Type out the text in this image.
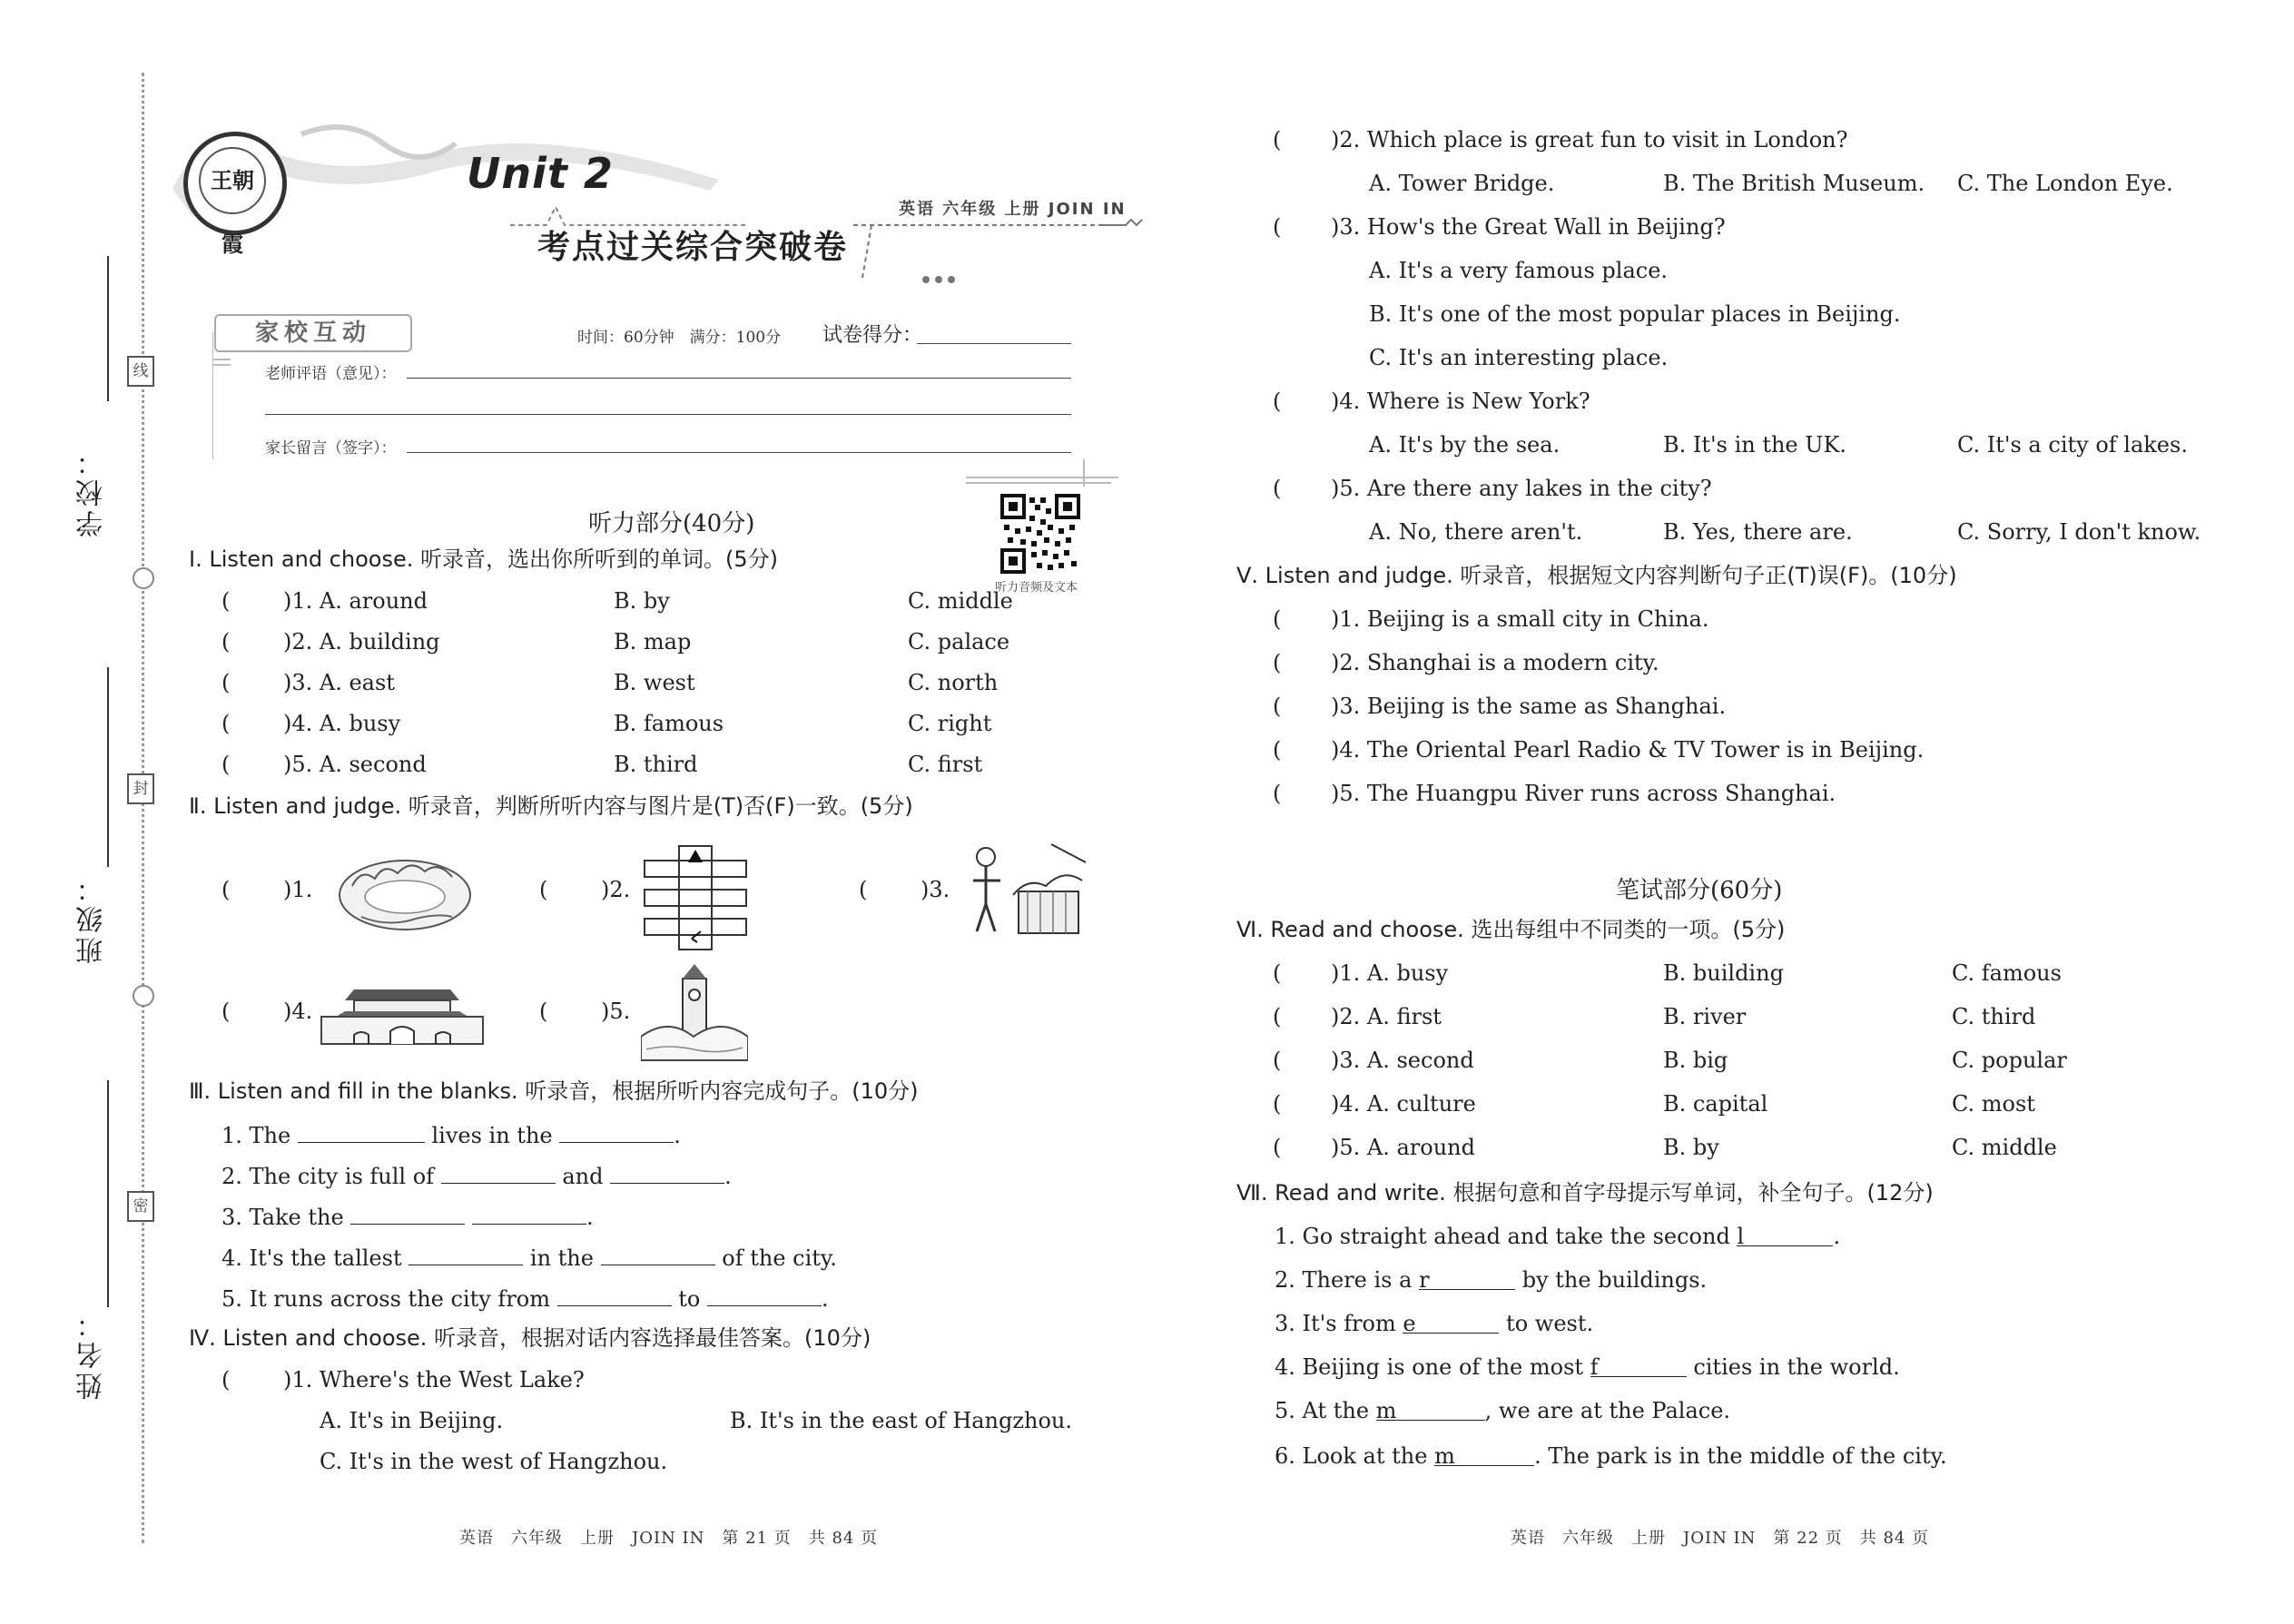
学校：
线
班级：
封
姓名：
密
王朝霞
Unit 2
考点过关综合突破卷
英语 六年级 上册 JOIN IN
家校互动	时间：60分钟　满分：100分 试卷得分：
老师评语（意见）：
家长留言（签字）：
听力音频及文本
听力部分(40分)
Ⅰ. Listen and choose. 听录音，选出你所听到的单词。(5分)
( )1. A. around	B. by	C. middle
( )2. A. building	B. map	C. palace
( )3. A. east	B. west	C. north
( )4. A. busy	B. famous	C. right
( )5. A. second	B. third	C. first
Ⅱ. Listen and judge. 听录音，判断所听内容与图片是(T)否(F)一致。(5分)
( )1.	( )2.	( )3.
( )4.	( )5.
Ⅲ. Listen and fill in the blanks. 听录音，根据所听内容完成句子。(10分)
1. The	lives in the	.
2. The city is full of	and	.
3. Take the	.
4. It's the tallest	in the	of the city.
5. It runs across the city from	to	.
Ⅳ. Listen and choose. 听录音，根据对话内容选择最佳答案。(10分)
( )1. Where's the West Lake?
A. It's in Beijing.	B. It's in the east of Hangzhou.
C. It's in the west of Hangzhou.
英语　六年级　上册　JOIN IN　第 21 页　共 84 页
( )2. Which place is great fun to visit in London?
A. Tower Bridge.	B. The British Museum. C. The London Eye.
( )3. How's the Great Wall in Beijing?
A. It's a very famous place.
B. It's one of the most popular places in Beijing.
C. It's an interesting place.
( )4. Where is New York?
A. It's by the sea.	B. It's in the UK.	C. It's a city of lakes.
( )5. Are there any lakes in the city?
A. No, there aren't.	B. Yes, there are.	C. Sorry, I don't know.
Ⅴ. Listen and judge. 听录音，根据短文内容判断句子正(T)误(F)。(10分)
( )1. Beijing is a small city in China.
( )2. Shanghai is a modern city.
( )3. Beijing is the same as Shanghai.
( )4. The Oriental Pearl Radio & TV Tower is in Beijing.
( )5. The Huangpu River runs across Shanghai.
笔试部分(60分)
Ⅵ. Read and choose. 选出每组中不同类的一项。(5分)
( )1. A. busy	B. building	C. famous
( )2. A. first	B. river	C. third
( )3. A. second	B. big	C. popular
( )4. A. culture	B. capital	C. most
( )5. A. around	B. by	C. middle
Ⅶ. Read and write. 根据句意和首字母提示写单词，补全句子。(12分)
1. Go straight ahead and take the second l	.
2. There is a r	by the buildings.
3. It's from e	to west.
4. Beijing is one of the most f	cities in the world.
5. At the m	, we are at the Palace.
6. Look at the m	. The park is in the middle of the city.
英语　六年级　上册　JOIN IN　第 22 页　共 84 页
